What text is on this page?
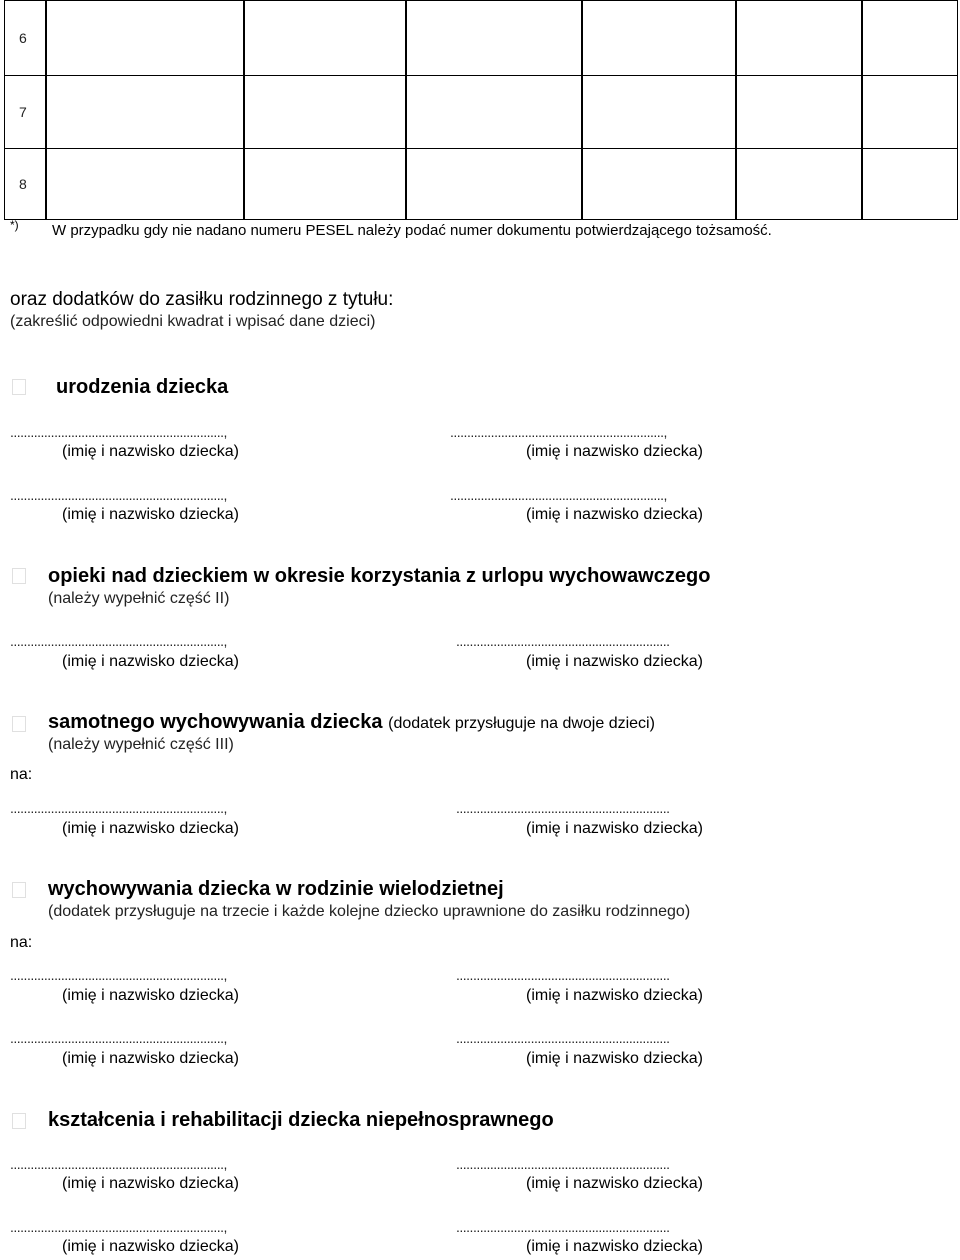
6
7
8
*) W przypadku gdy nie nadano numeru PESEL należy podać numer dokumentu potwierdzającego tożsamość.
oraz dodatków do zasiłku rodzinnego z tytułu:
(zakreślić odpowiedni kwadrat i wpisać dane dzieci)
urodzenia dziecka
...............................................................,	...............................................................,
(imię i nazwisko dziecka)	(imię i nazwisko dziecka)
...............................................................,	...............................................................,
(imię i nazwisko dziecka)	(imię i nazwisko dziecka)
opieki nad dzieckiem w okresie korzystania z urlopu wychowawczego
(należy wypełnić część II)
...............................................................,	...............................................................
(imię i nazwisko dziecka)	(imię i nazwisko dziecka)
samotnego wychowywania dziecka (dodatek przysługuje na dwoje dzieci)
(należy wypełnić część III)
na:
...............................................................,	...............................................................
(imię i nazwisko dziecka)	(imię i nazwisko dziecka)
wychowywania dziecka w rodzinie wielodzietnej
(dodatek przysługuje na trzecie i każde kolejne dziecko uprawnione do zasiłku rodzinnego)
na:
...............................................................,	...............................................................
(imię i nazwisko dziecka)	(imię i nazwisko dziecka)
...............................................................,	...............................................................
(imię i nazwisko dziecka)	(imię i nazwisko dziecka)
kształcenia i rehabilitacji dziecka niepełnosprawnego
...............................................................,	...............................................................
(imię i nazwisko dziecka)	(imię i nazwisko dziecka)
...............................................................,	...............................................................
(imię i nazwisko dziecka)	(imię i nazwisko dziecka)
